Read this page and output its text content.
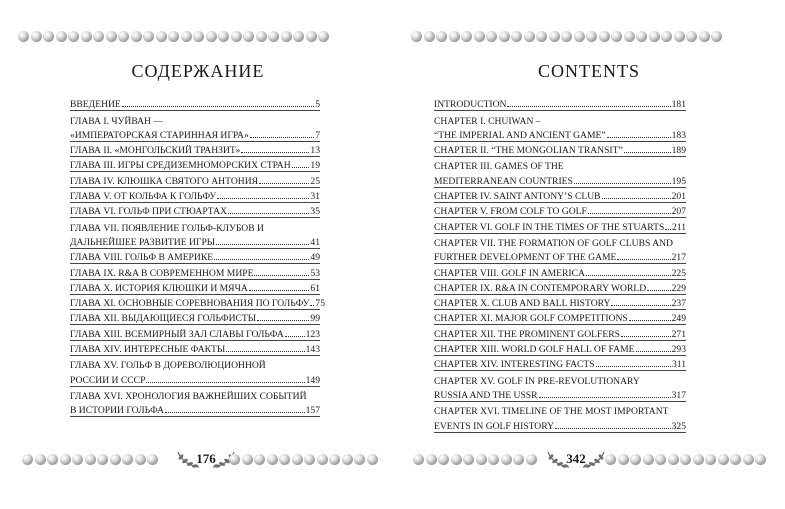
СОДЕРЖАНИЕ
ВВЕДЕНИЕ	5
ГЛАВА I. ЧУЙВАН —
«ИМПЕРАТОРСКАЯ СТАРИННАЯ ИГРА»	7
ГЛАВА II. «МОНГОЛЬСКИЙ ТРАНЗИТ»	13
ГЛАВА III. ИГРЫ СРЕДИЗЕМНОМОРСКИХ СТРАН 19
ГЛАВА IV. КЛЮШКА СВЯТОГО АНТОНИЯ	25
ГЛАВА V. ОТ КОЛЬФА К ГОЛЬФУ	31
ГЛАВА VI. ГОЛЬФ ПРИ СТЮАРТАХ	35
ГЛАВА VII. ПОЯВЛЕНИЕ ГОЛЬФ-КЛУБОВ И
ДАЛЬНЕЙШЕЕ РАЗВИТИЕ ИГРЫ	41
ГЛАВА VIII. ГОЛЬФ В АМЕРИКЕ	49
ГЛАВА IX. R&A В СОВРЕМЕННОМ МИРЕ	53
ГЛАВА X. ИСТОРИЯ КЛЮШКИ И МЯЧА	61
ГЛАВА XI. ОСНОВНЫЕ СОРЕВНОВАНИЯ ПО ГОЛЬФУ 75
ГЛАВА XII. ВЫДАЮЩИЕСЯ ГОЛЬФИСТЫ	99
ГЛАВА XIII. ВСЕМИРНЫЙ ЗАЛ СЛАВЫ ГОЛЬФА 123
ГЛАВА XIV. ИНТЕРЕСНЫЕ ФАКТЫ	143
ГЛАВА XV. ГОЛЬФ В ДОРЕВОЛЮЦИОННОЙ
РОССИИ И СССР	149
ГЛАВА XVI. ХРОНОЛОГИЯ ВАЖНЕЙШИХ СОБЫТИЙ
В ИСТОРИИ ГОЛЬФА	157
176
CONTENTS
INTRODUCTION	181
CHAPTER I. CHUIWAN –
“THE IMPERIAL AND ANCIENT GAME”	183
CHAPTER II. “THE MONGOLIAN TRANSIT”	189
CHAPTER III. GAMES OF THE
MEDITERRANEAN COUNTRIES	195
CHAPTER IV. SAINT ANTONY’S CLUB	201
CHAPTER V. FROM COLF TO GOLF	207
CHAPTER VI. GOLF IN THE TIMES OF THE STUARTS 211
CHAPTER VII. THE FORMATION OF GOLF CLUBS AND
FURTHER DEVELOPMENT OF THE GAME	217
CHAPTER VIII. GOLF IN AMERICA	225
CHAPTER IX. R&A IN CONTEMPORARY WORLD	229
CHAPTER X. CLUB AND BALL HISTORY	237
CHAPTER XI. MAJOR GOLF COMPETITIONS	249
CHAPTER XII. THE PROMINENT GOLFERS	271
CHAPTER XIII. WORLD GOLF HALL OF FAME	293
CHAPTER XIV. INTERESTING FACTS	311
CHAPTER XV. GOLF IN PRE-REVOLUTIONARY
RUSSIA AND THE USSR	317
CHAPTER XVI. TIMELINE OF THE MOST IMPORTANT
EVENTS IN GOLF HISTORY	325
342
